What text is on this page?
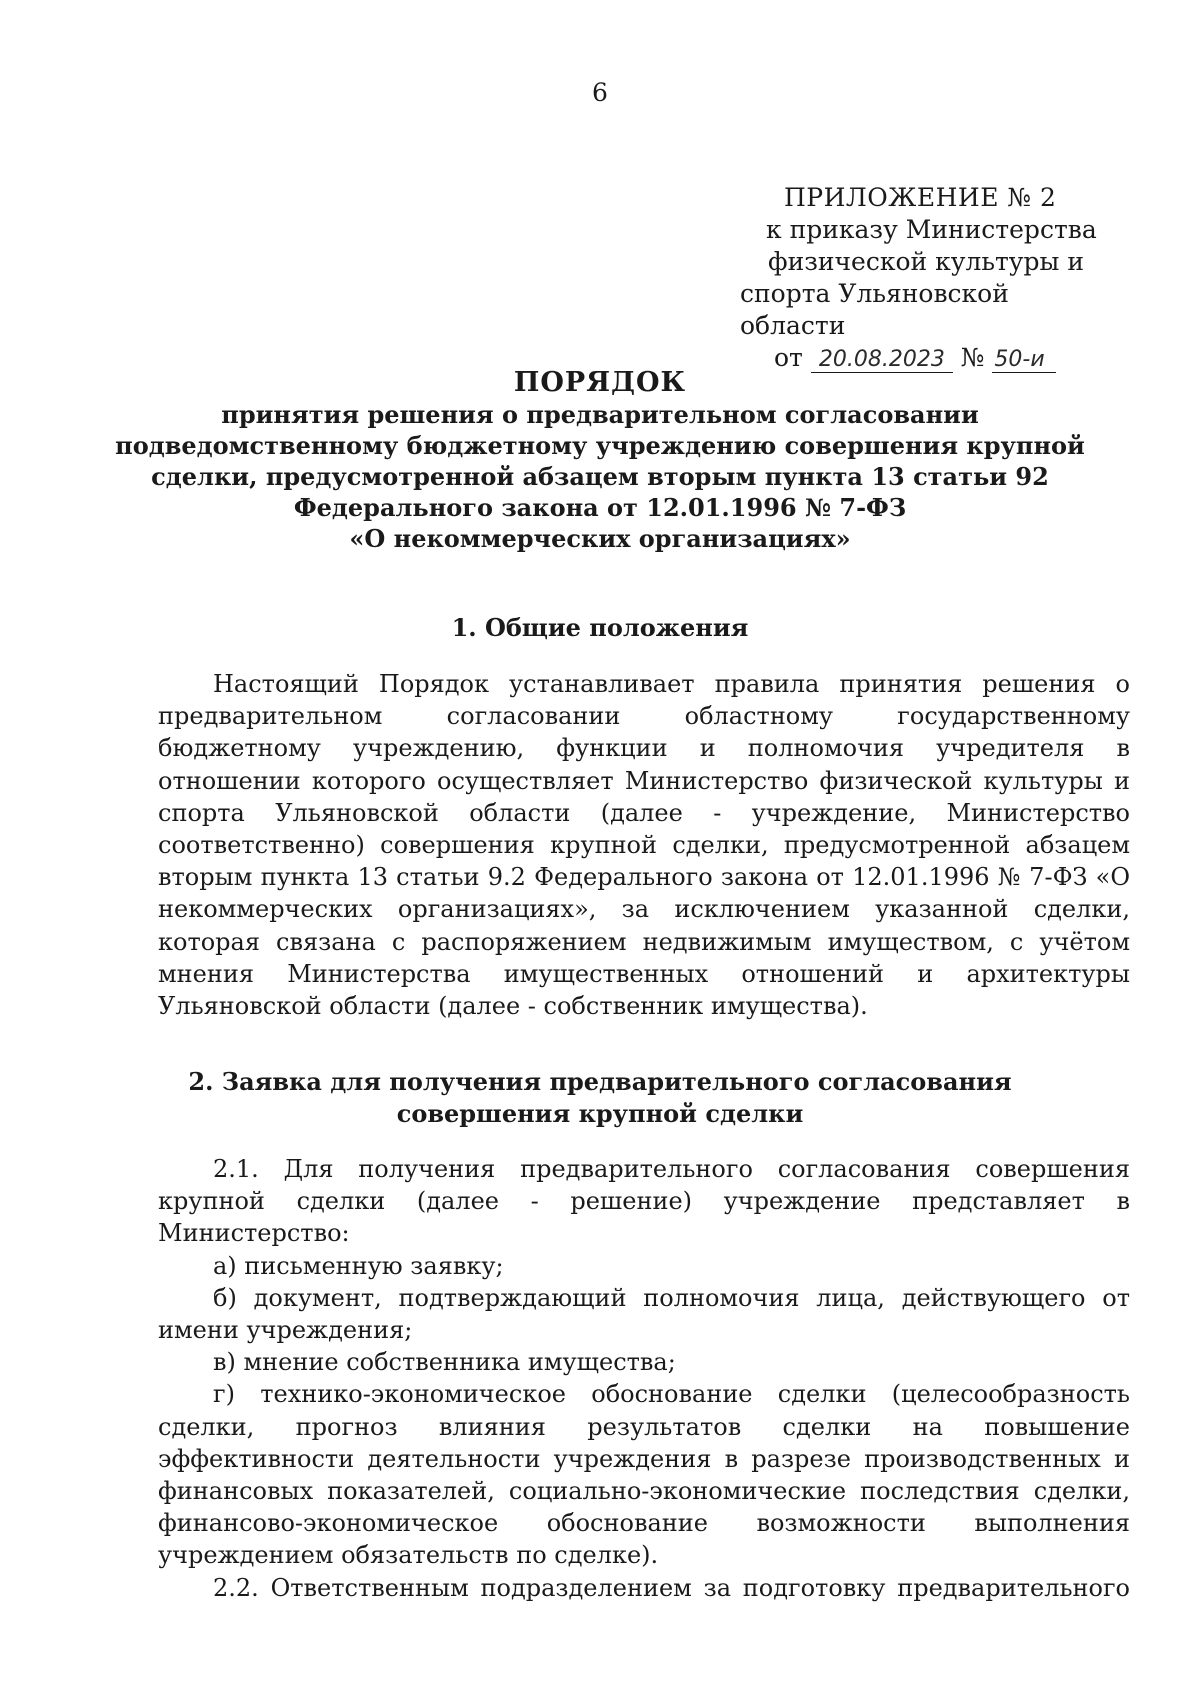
6
ПРИЛОЖЕНИЕ № 2
к приказу Министерства
физической культуры и
спорта Ульяновской области
от 20.08.2023 № 50-и
ПОРЯДОК
принятия решения о предварительном согласовании
подведомственному бюджетному учреждению совершения крупной
сделки, предусмотренной абзацем вторым пункта 13 статьи 92
Федерального закона от 12.01.1996 № 7-ФЗ
«О некоммерческих организациях»
1. Общие положения

Настоящий Порядок устанавливает правила принятия решения о предварительном согласовании областному государственному бюджетному учреждению, функции и полномочия учредителя в отношении которого осуществляет Министерство физической культуры и спорта Ульяновской области (далее - учреждение, Министерство соответственно) совершения крупной сделки, предусмотренной абзацем вторым пункта 13 статьи 9.2 Федерального закона от 12.01.1996 № 7-ФЗ «О некоммерческих организациях», за исключением указанной сделки, которая связана с распоряжением недвижимым имуществом, с учётом мнения Министерства имущественных отношений и архитектуры Ульяновской области (далее - собственник имущества).

2. Заявка для получения предварительного согласования
совершения крупной сделки

2.1. Для получения предварительного согласования совершения крупной сделки (далее - решение) учреждение представляет в Министерство:

а) письменную заявку;

б) документ, подтверждающий полномочия лица, действующего от имени учреждения;

в) мнение собственника имущества;

г) технико-экономическое обоснование сделки (целесообразность сделки, прогноз влияния результатов сделки на повышение эффективности деятельности учреждения в разрезе производственных и финансовых показателей, социально-экономические последствия сделки, финансово-экономическое обоснование возможности выполнения учреждением обязательств по сделке).

2.2. Ответственным подразделением за подготовку предварительного
